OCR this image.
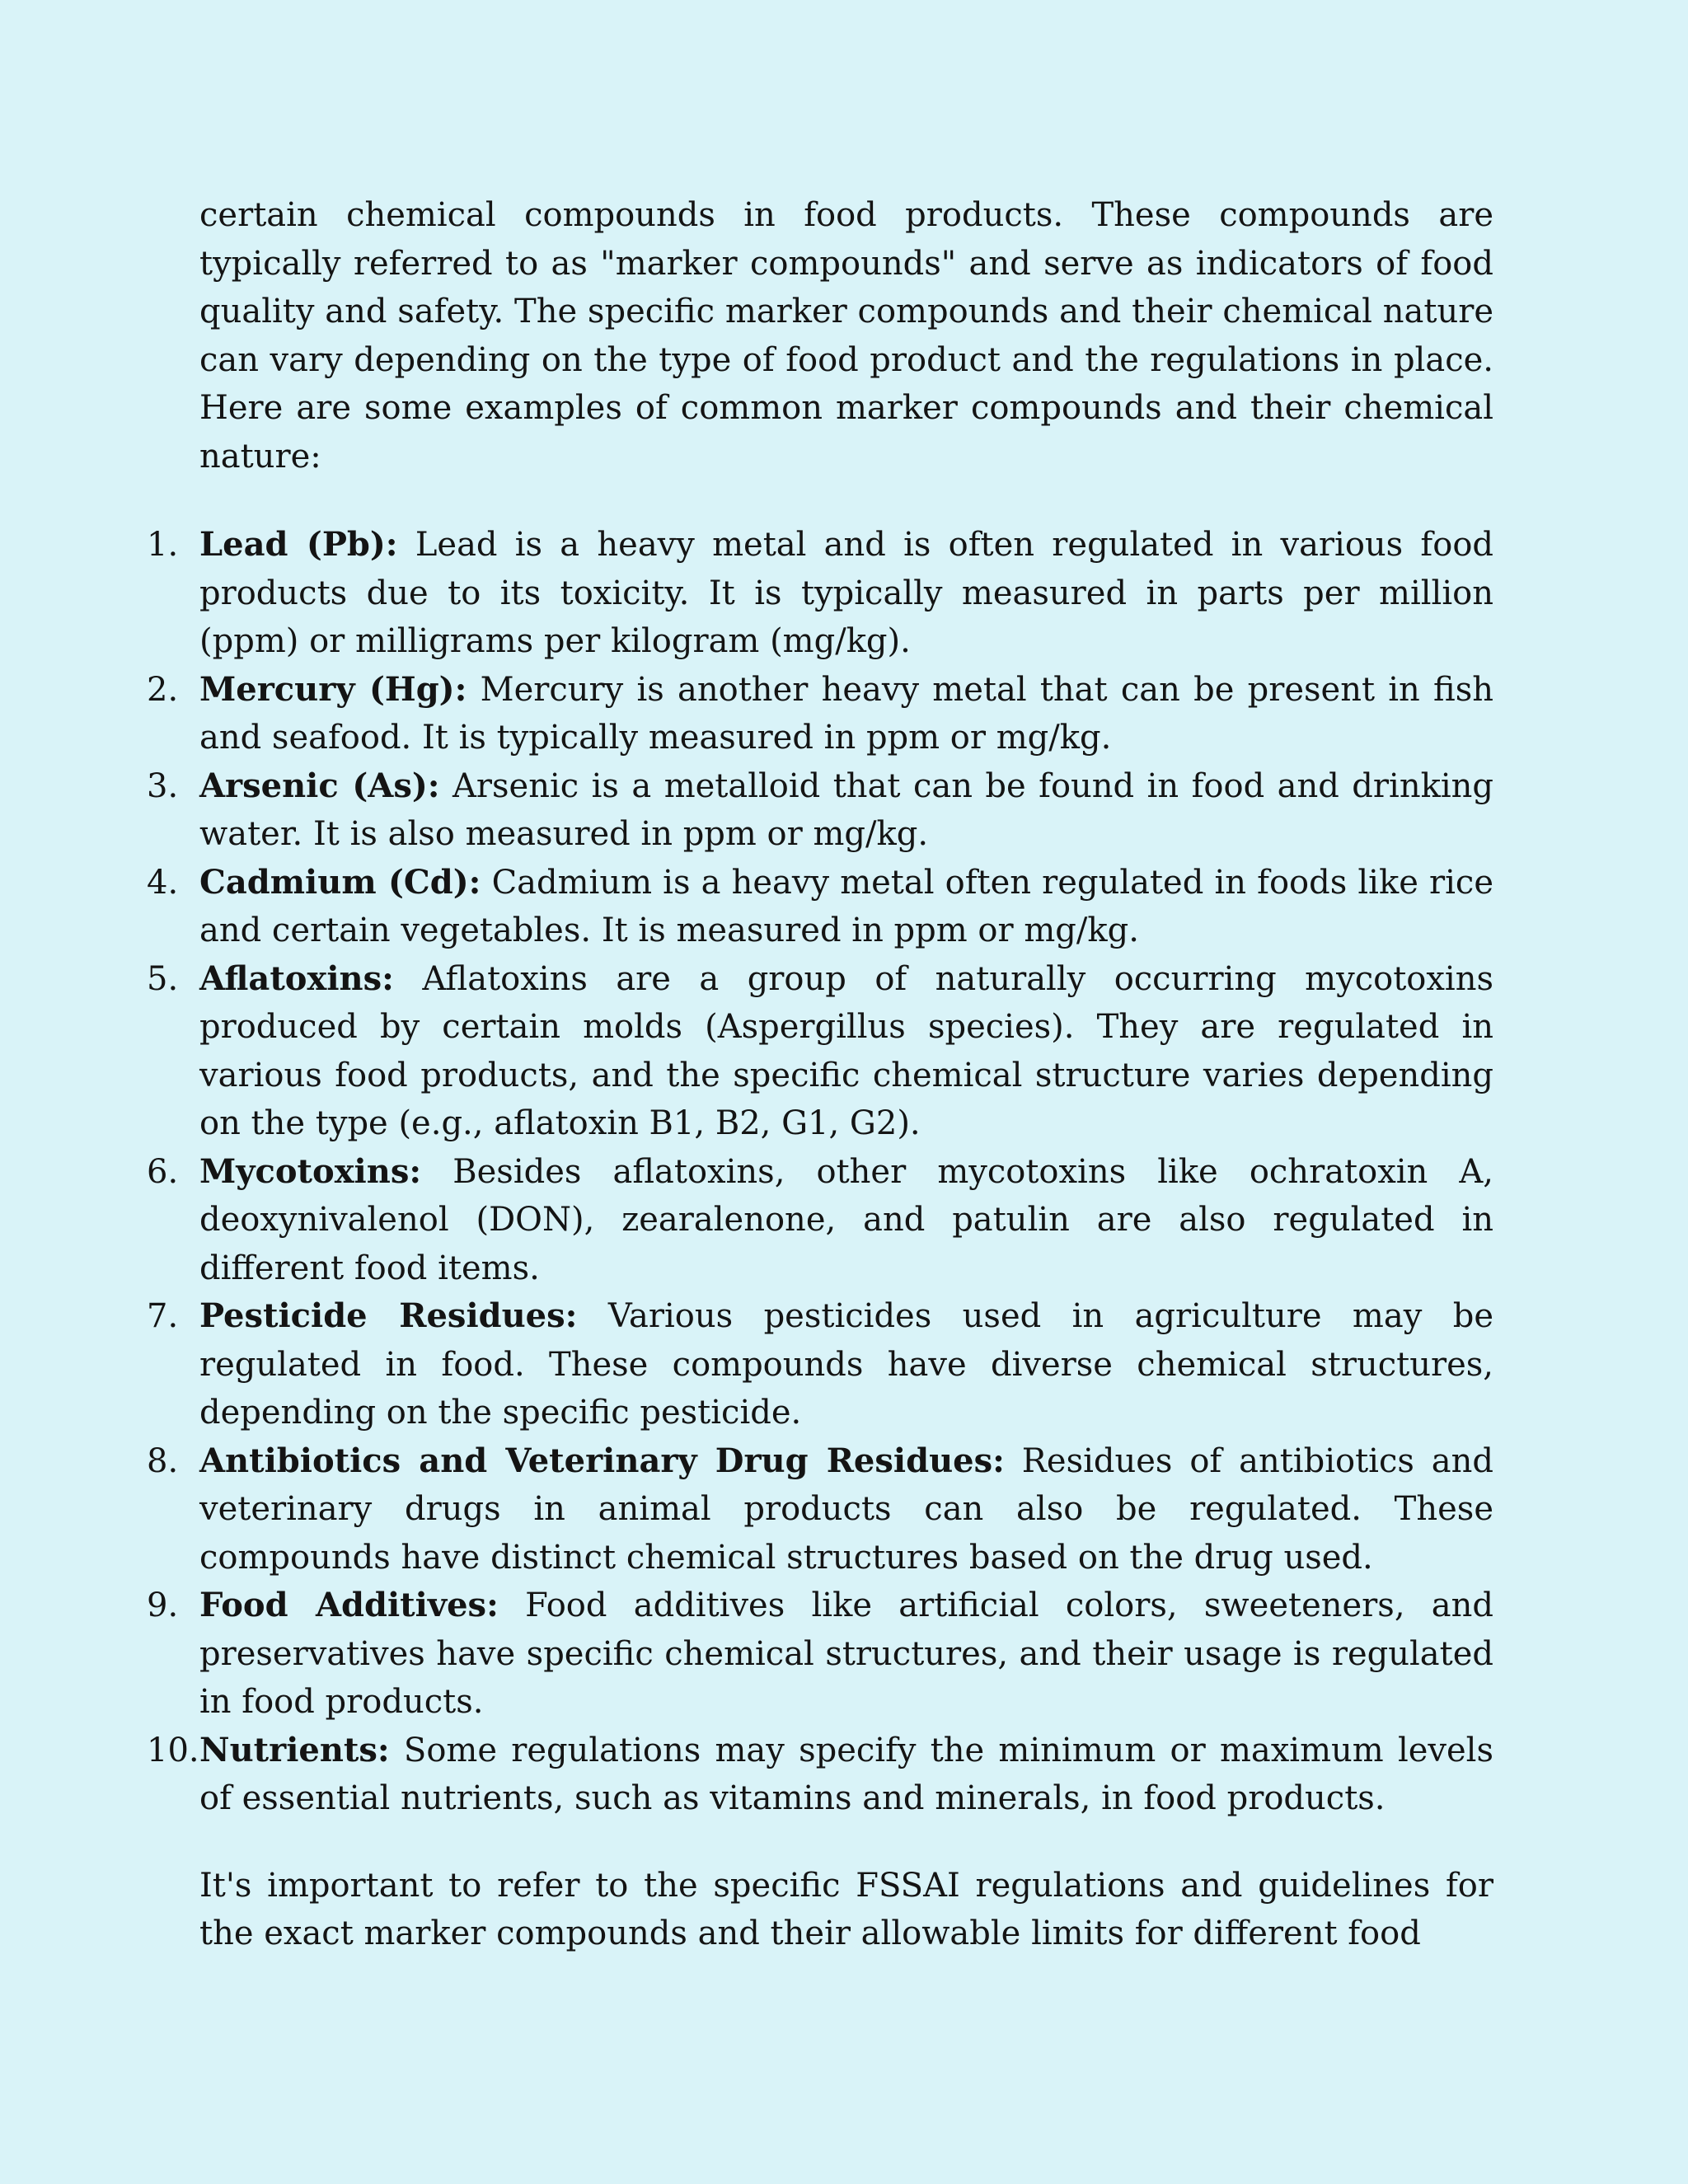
certain chemical compounds in food products. These compounds are typically referred to as "marker compounds" and serve as indicators of food quality and safety. The specific marker compounds and their chemical nature can vary depending on the type of food product and the regulations in place. Here are some examples of common marker compounds and their chemical nature:

1. Lead (Pb): Lead is a heavy metal and is often regulated in various food products due to its toxicity. It is typically measured in parts per million (ppm) or milligrams per kilogram (mg/kg).
2. Mercury (Hg): Mercury is another heavy metal that can be present in fish and seafood. It is typically measured in ppm or mg/kg.
3. Arsenic (As): Arsenic is a metalloid that can be found in food and drinking water. It is also measured in ppm or mg/kg.
4. Cadmium (Cd): Cadmium is a heavy metal often regulated in foods like rice and certain vegetables. It is measured in ppm or mg/kg.
5. Aflatoxins: Aflatoxins are a group of naturally occurring mycotoxins produced by certain molds (Aspergillus species). They are regulated in various food products, and the specific chemical structure varies depending on the type (e.g., aflatoxin B1, B2, G1, G2).
6. Mycotoxins: Besides aflatoxins, other mycotoxins like ochratoxin A, deoxynivalenol (DON), zearalenone, and patulin are also regulated in different food items.
7. Pesticide Residues: Various pesticides used in agriculture may be regulated in food. These compounds have diverse chemical structures, depending on the specific pesticide.
8. Antibiotics and Veterinary Drug Residues: Residues of antibiotics and veterinary drugs in animal products can also be regulated. These compounds have distinct chemical structures based on the drug used.
9. Food Additives: Food additives like artificial colors, sweeteners, and preservatives have specific chemical structures, and their usage is regulated in food products.
10. Nutrients: Some regulations may specify the minimum or maximum levels of essential nutrients, such as vitamins and minerals, in food products.

It's important to refer to the specific FSSAI regulations and guidelines for the exact marker compounds and their allowable limits for different food
